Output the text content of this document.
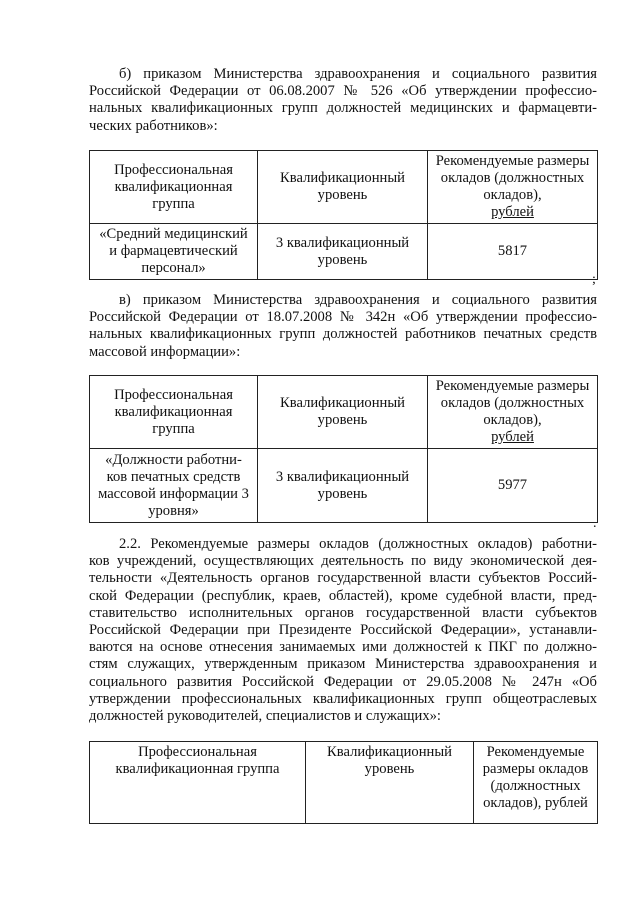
б) приказом Министерства здравоохранения и социального развития
Российской Федерации от 06.08.2007 № 526 «Об утверждении профессио-
нальных квалификационных групп должностей медицинских и фармацевти-
ческих работников»:

Профессиональная квалификационная группа	Квалификационный уровень	Рекомендуемые размеры окладов (должностных окладов),
рублей
«Средний медицинский и фармацевтический персонал»	3 квалификационный уровень	5817
;

в) приказом Министерства здравоохранения и социального развития
Российской Федерации от 18.07.2008 № 342н «Об утверждении профессио-
нальных квалификационных групп должностей работников печатных средств
массовой информации»:

Профессиональная квалификационная группа	Квалификационный уровень	Рекомендуемые размеры окладов (должностных окладов),
рублей
«Должности работни- ков печатных средств массовой информации 3 уровня»	3 квалификационный уровень	5977
.

2.2. Рекомендуемые размеры окладов (должностных окладов) работни-
ков учреждений, осуществляющих деятельность по виду экономической дея-
тельности «Деятельность органов государственной власти субъектов Россий-
ской Федерации (республик, краев, областей), кроме судебной власти, пред-
ставительство исполнительных органов государственной власти субъектов
Российской Федерации при Президенте Российской Федерации», устанавли-
ваются на основе отнесения занимаемых ими должностей к ПКГ по должно-
стям служащих, утвержденным приказом Министерства здравоохранения и
социального развития Российской Федерации от 29.05.2008 № 247н «Об
утверждении профессиональных квалификационных групп общеотраслевых
должностей руководителей, специалистов и служащих»:

Профессиональная квалификационная группа	Квалификационный уровень	Рекомендуемые размеры окладов (должностных окладов), рублей
